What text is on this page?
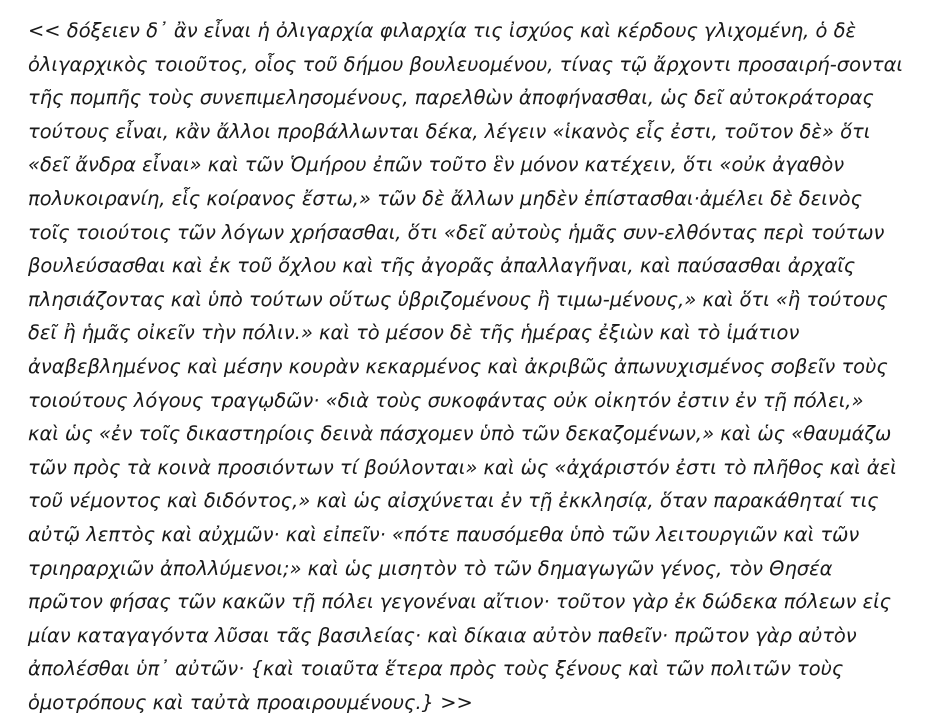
<< δόξειεν δ᾽ ἂν εἶναι ἡ ὀλιγαρχία φιλαρχία τις ἰσχύος καὶ κέρδους γλιχομένη, ὁ δὲ
ὀλιγαρχικὸς τοιοῦτος, οἷος τοῦ δήμου βουλευομένου, τίνας τῷ ἄρχοντι προσαιρή-σονται
τῆς πομπῆς τοὺς συνεπιμελησομένους, παρελθὼν ἀποφήνασθαι, ὡς δεῖ αὐτοκράτορας
τούτους εἶναι, κἂν ἄλλοι προβάλλωνται δέκα, λέγειν «ἱκανὸς εἷς ἐστι, τοῦτον δὲ» ὅτι
«δεῖ ἄνδρα εἶναι» καὶ τῶν Ὁμήρου ἐπῶν τοῦτο ἓν μόνον κατέχειν, ὅτι «οὐκ ἀγαθὸν
πολυκοιρανίη, εἷς κοίρανος ἔστω,» τῶν δὲ ἄλλων μηδὲν ἐπίστασθαι·ἀμέλει δὲ δεινὸς
τοῖς τοιούτοις τῶν λόγων χρήσασθαι, ὅτι «δεῖ αὐτοὺς ἡμᾶς συν-ελθόντας περὶ τούτων
βουλεύσασθαι καὶ ἐκ τοῦ ὄχλου καὶ τῆς ἀγορᾶς ἀπαλλαγῆναι, καὶ παύσασθαι ἀρχαῖς
πλησιάζοντας καὶ ὑπὸ τούτων οὕτως ὑβριζομένους ἢ τιμω-μένους,» καὶ ὅτι «ἢ τούτους
δεῖ ἢ ἡμᾶς οἰκεῖν τὴν πόλιν.» καὶ τὸ μέσον δὲ τῆς ἡμέρας ἐξιὼν καὶ τὸ ἱμάτιον
ἀναβεβλημένος καὶ μέσην κουρὰν κεκαρμένος καὶ ἀκριβῶς ἀπωνυχισμένος σοβεῖν τοὺς
τοιούτους λόγους τραγῳδῶν· «διὰ τοὺς συκοφάντας οὐκ οἰκητόν ἐστιν ἐν τῇ πόλει,»
καὶ ὡς «ἐν τοῖς δικαστηρίοις δεινὰ πάσχομεν ὑπὸ τῶν δεκαζομένων,» καὶ ὡς «θαυμάζω
τῶν πρὸς τὰ κοινὰ προσιόντων τί βούλονται» καὶ ὡς «ἀχάριστόν ἐστι τὸ πλῆθος καὶ ἀεὶ
τοῦ νέμοντος καὶ διδόντος,» καὶ ὡς αἰσχύνεται ἐν τῇ ἐκκλησίᾳ, ὅταν παρακάθηταί τις
αὐτῷ λεπτὸς καὶ αὐχμῶν· καὶ εἰπεῖν· «πότε παυσόμεθα ὑπὸ τῶν λειτουργιῶν καὶ τῶν
τριηραρχιῶν ἀπολλύμενοι;» καὶ ὡς μισητὸν τὸ τῶν δημαγωγῶν γένος, τὸν Θησέα
πρῶτον φήσας τῶν κακῶν τῇ πόλει γεγονέναι αἴτιον· τοῦτον γὰρ ἐκ δώδεκα πόλεων εἰς
μίαν καταγαγόντα λῦσαι τᾶς βασιλείας· καὶ δίκαια αὐτὸν παθεῖν· πρῶτον γὰρ αὐτὸν
ἀπολέσθαι ὑπ᾽ αὐτῶν· {καὶ τοιαῦτα ἕτερα πρὸς τοὺς ξένους καὶ τῶν πολιτῶν τοὺς
ὁμοτρόπους καὶ ταὐτὰ προαιρουμένους.} >>
